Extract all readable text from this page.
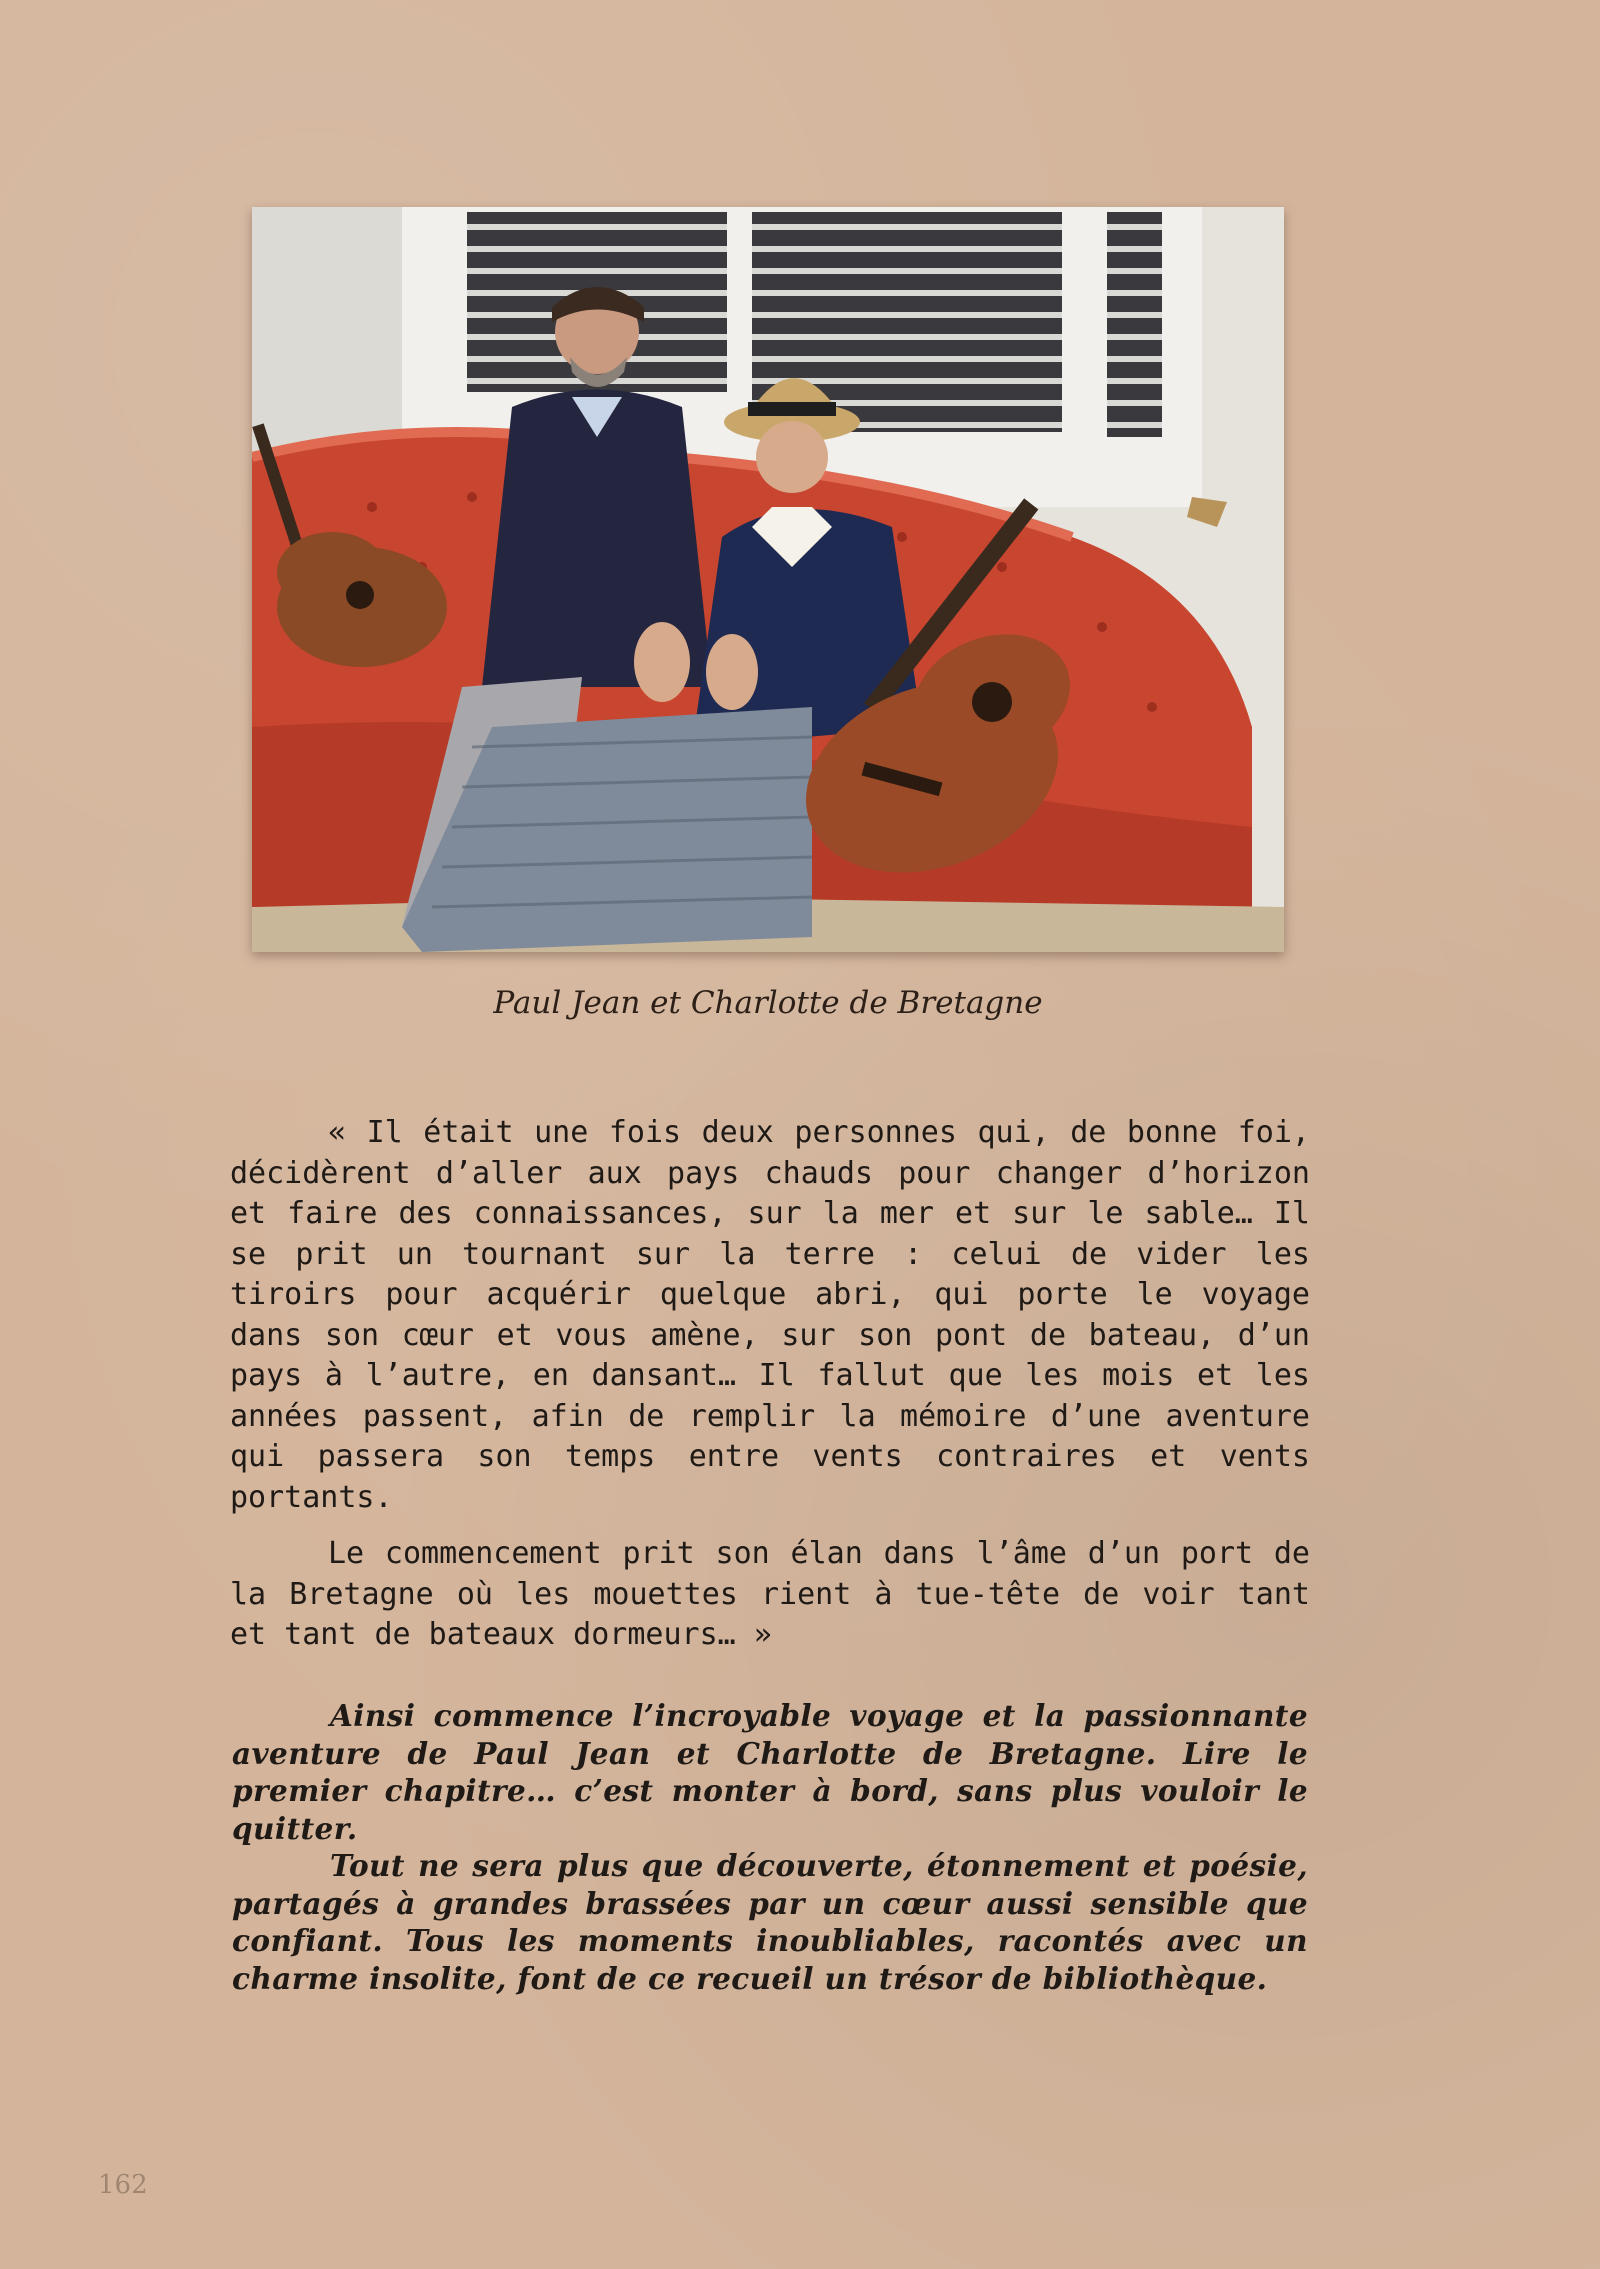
Paul Jean et Charlotte de Bretagne

« Il était une fois deux personnes qui, de bonne foi, décidèrent d’aller aux pays chauds pour changer d’horizon et faire des connaissances, sur la mer et sur le sable… Il se prit un tournant sur la terre : celui de vider les tiroirs pour acquérir quelque abri, qui porte le voyage dans son cœur et vous amène, sur son pont de bateau, d’un pays à l’autre, en dansant… Il fallut que les mois et les années passent, afin de remplir la mémoire d’une aventure qui passera son temps entre vents contraires et vents portants.

Le commencement prit son élan dans l’âme d’un port de la Bretagne où les mouettes rient à tue-tête de voir tant et tant de bateaux dormeurs… »

Ainsi commence l’incroyable voyage et la passionnante aventure de Paul Jean et Charlotte de Bretagne. Lire le premier chapitre… c’est monter à bord, sans plus vouloir le quitter.

Tout ne sera plus que découverte, étonnement et poésie, partagés à grandes brassées par un cœur aussi sensible que confiant. Tous les moments inoubliables, racontés avec un charme insolite, font de ce recueil un trésor de bibliothèque.

162
